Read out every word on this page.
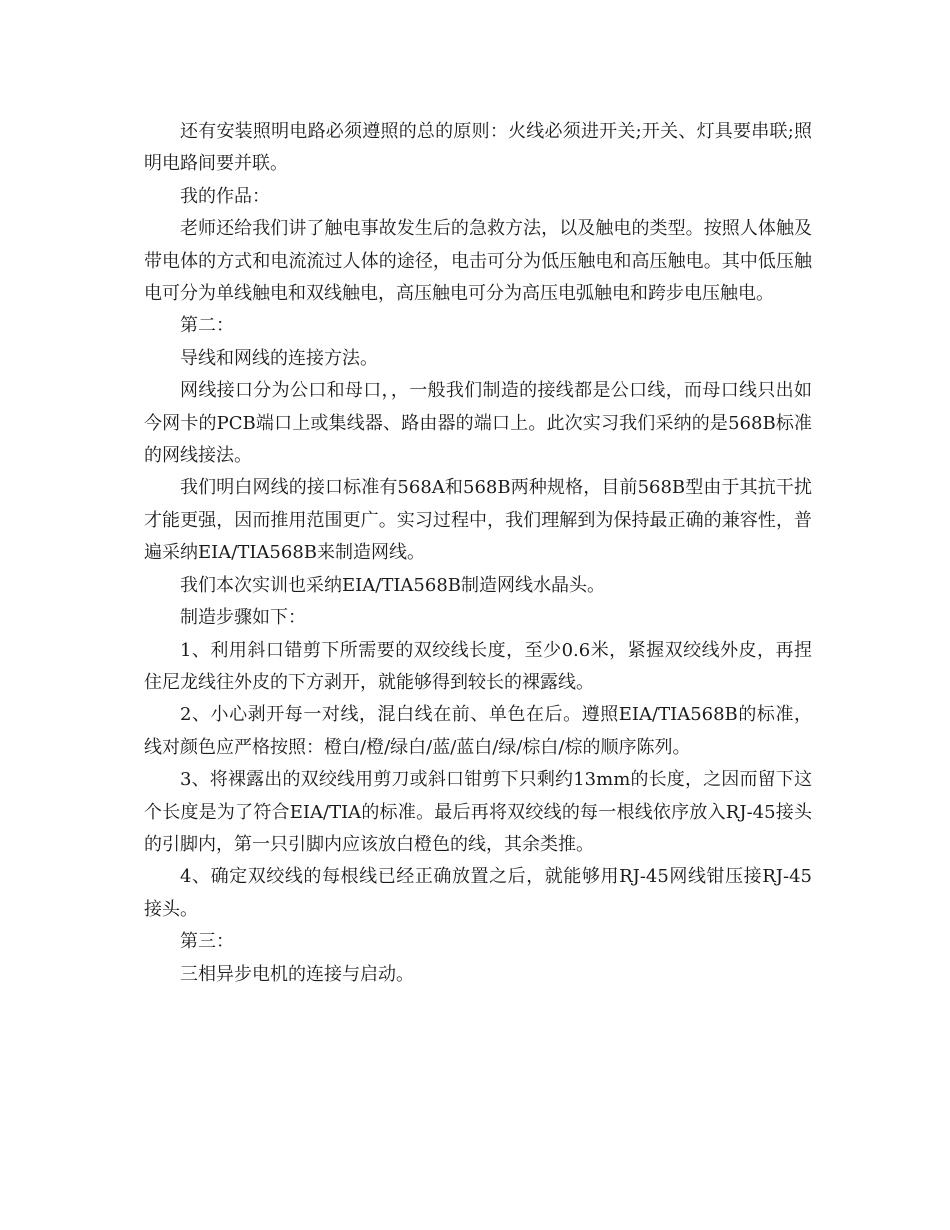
还有安装照明电路必须遵照的总的原则：火线必须进开关;开关、灯具要串联;照明电路间要并联。

我的作品：

老师还给我们讲了触电事故发生后的急救方法，以及触电的类型。按照人体触及带电体的方式和电流流过人体的途径，电击可分为低压触电和高压触电。其中低压触电可分为单线触电和双线触电，高压触电可分为高压电弧触电和跨步电压触电。

第二：

导线和网线的连接方法。

网线接口分为公口和母口，，一般我们制造的接线都是公口线，而母口线只出如今网卡的PCB端口上或集线器、路由器的端口上。此次实习我们采纳的是568B标准的网线接法。

我们明白网线的接口标准有568A和568B两种规格，目前568B型由于其抗干扰才能更强，因而推用范围更广。实习过程中，我们理解到为保持最正确的兼容性，普遍采纳EIA/TIA568B来制造网线。

我们本次实训也采纳EIA/TIA568B制造网线水晶头。

制造步骤如下：

1、利用斜口错剪下所需要的双绞线长度，至少0.6米，紧握双绞线外皮，再捏住尼龙线往外皮的下方剥开，就能够得到较长的裸露线。

2、小心剥开每一对线，混白线在前、单色在后。遵照EIA/TIA568B的标准，线对颜色应严格按照：橙白/橙/绿白/蓝/蓝白/绿/棕白/棕的顺序陈列。

3、将裸露出的双绞线用剪刀或斜口钳剪下只剩约13mm的长度，之因而留下这个长度是为了符合EIA/TIA的标准。最后再将双绞线的每一根线依序放入RJ-45接头的引脚内，第一只引脚内应该放白橙色的线，其余类推。

4、确定双绞线的每根线已经正确放置之后，就能够用RJ-45网线钳压接RJ-45接头。

第三：

三相异步电机的连接与启动。
